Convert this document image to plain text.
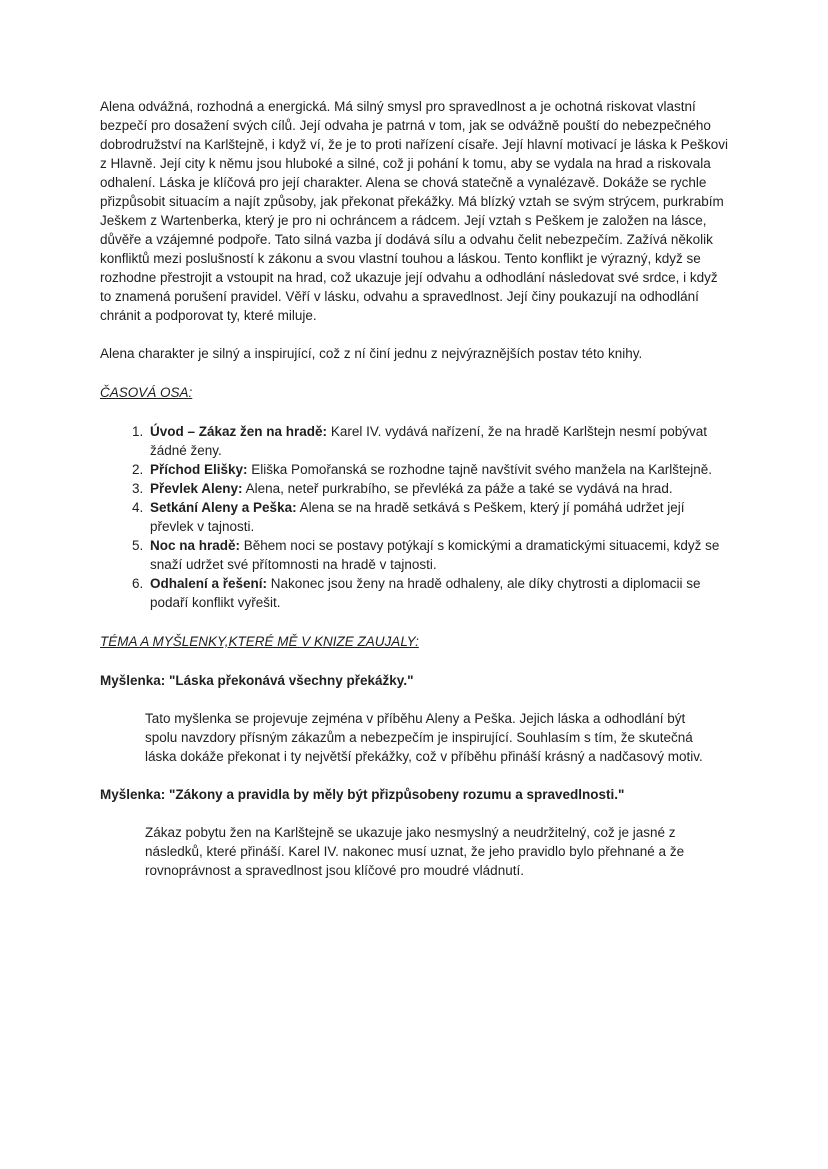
Alena odvážná, rozhodná a energická. Má silný smysl pro spravedlnost a je ochotná riskovat vlastní bezpečí pro dosažení svých cílů. Její odvaha je patrná v tom, jak se odvážně pouští do nebezpečného dobrodružství na Karlštejně, i když ví, že je to proti nařízení císaře. Její hlavní motivací je láska k Peškovi z Hlavně. Její city k němu jsou hluboké a silné, což ji pohání k tomu, aby se vydala na hrad a riskovala odhalení. Láska je klíčová pro její charakter. Alena se chová statečně a vynalézavě. Dokáže se rychle přizpůsobit situacím a najít způsoby, jak překonat překážky. Má blízký vztah se svým strýcem, purkrabím Ješkem z Wartenberka, který je pro ni ochráncem a rádcem. Její vztah s Peškem je založen na lásce, důvěře a vzájemné podpoře. Tato silná vazba jí dodává sílu a odvahu čelit nebezpečím. Zažívá několik konfliktů mezi poslušností k zákonu a svou vlastní touhou a láskou. Tento konflikt je výrazný, když se rozhodne přestrojit a vstoupit na hrad, což ukazuje její odvahu a odhodlání následovat své srdce, i když to znamená porušení pravidel. Věří v lásku, odvahu a spravedlnost. Její činy poukazují na odhodlání chránit a podporovat ty, které miluje.

Alena charakter je silný a inspirující, což z ní činí jednu z nejvýraznějších postav této knihy.

ČASOVÁ OSA:

1. Úvod – Zákaz žen na hradě: Karel IV. vydává nařízení, že na hradě Karlštejn nesmí pobývat žádné ženy.
2. Příchod Elišky: Eliška Pomořanská se rozhodne tajně navštívit svého manžela na Karlštejně.
3. Převlek Aleny: Alena, neteř purkrabího, se převléká za páže a také se vydává na hrad.
4. Setkání Aleny a Peška: Alena se na hradě setkává s Peškem, který jí pomáhá udržet její převlek v tajnosti.
5. Noc na hradě: Během noci se postavy potýkají s komickými a dramatickými situacemi, když se snaží udržet své přítomnosti na hradě v tajnosti.
6. Odhalení a řešení: Nakonec jsou ženy na hradě odhaleny, ale díky chytrosti a diplomacii se podaří konflikt vyřešit.

TÉMA A MYŠLENKY,KTERÉ MĚ V KNIZE ZAUJALY:

Myšlenka: "Láska překonává všechny překážky."

Tato myšlenka se projevuje zejména v příběhu Aleny a Peška. Jejich láska a odhodlání být spolu navzdory přísným zákazům a nebezpečím je inspirující. Souhlasím s tím, že skutečná láska dokáže překonat i ty největší překážky, což v příběhu přináší krásný a nadčasový motiv.

Myšlenka: "Zákony a pravidla by měly být přizpůsobeny rozumu a spravedlnosti."

Zákaz pobytu žen na Karlštejně se ukazuje jako nesmyslný a neudržitelný, což je jasné z následků, které přináší. Karel IV. nakonec musí uznat, že jeho pravidlo bylo přehnané a že rovnoprávnost a spravedlnost jsou klíčové pro moudré vládnutí.
